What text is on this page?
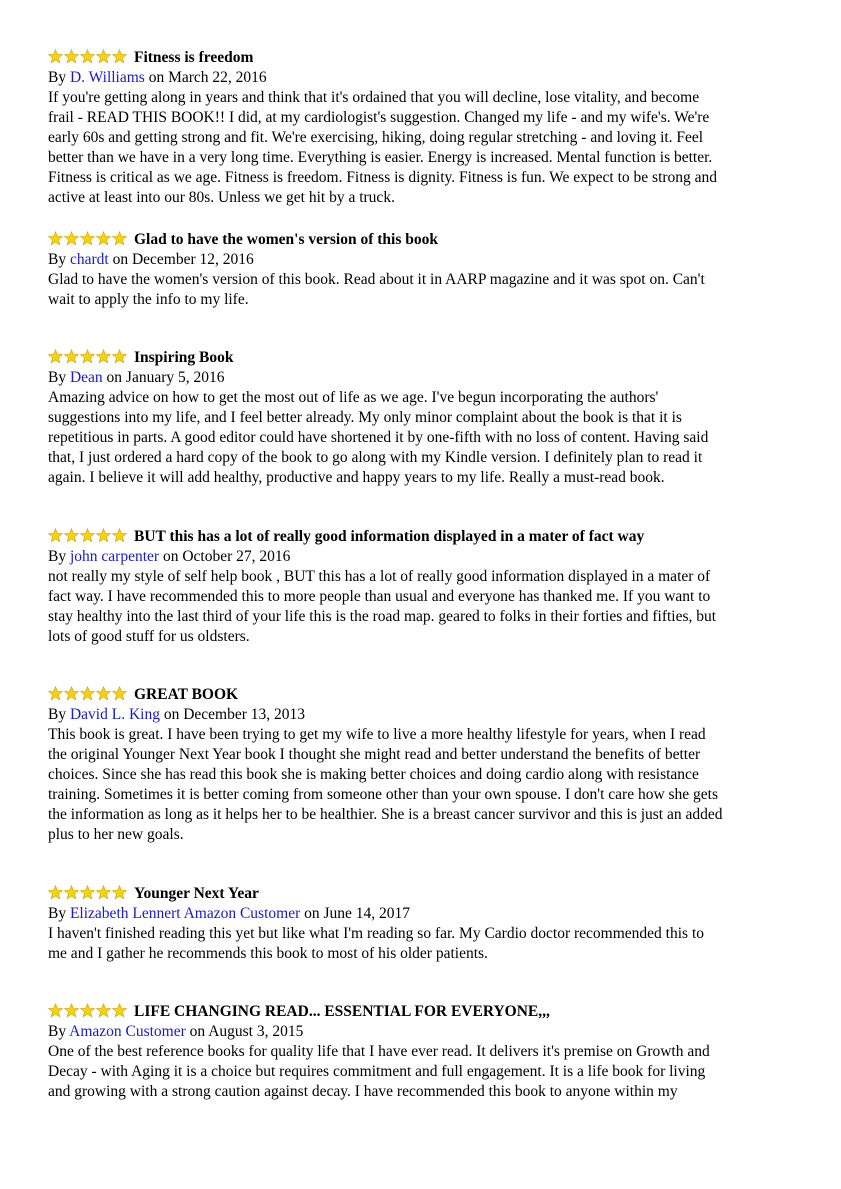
Fitness is freedom
By D. Williams on March 22, 2016
If you're getting along in years and think that it's ordained that you will decline, lose vitality, and become
frail - READ THIS BOOK!! I did, at my cardiologist's suggestion. Changed my life - and my wife's. We're
early 60s and getting strong and fit. We're exercising, hiking, doing regular stretching - and loving it. Feel
better than we have in a very long time. Everything is easier. Energy is increased. Mental function is better.
Fitness is critical as we age. Fitness is freedom. Fitness is dignity. Fitness is fun. We expect to be strong and
active at least into our 80s. Unless we get hit by a truck.
Glad to have the women's version of this book
By chardt on December 12, 2016
Glad to have the women's version of this book. Read about it in AARP magazine and it was spot on. Can't
wait to apply the info to my life.
Inspiring Book
By Dean on January 5, 2016
Amazing advice on how to get the most out of life as we age. I've begun incorporating the authors'
suggestions into my life, and I feel better already. My only minor complaint about the book is that it is
repetitious in parts. A good editor could have shortened it by one-fifth with no loss of content. Having said
that, I just ordered a hard copy of the book to go along with my Kindle version. I definitely plan to read it
again. I believe it will add healthy, productive and happy years to my life. Really a must-read book.
BUT this has a lot of really good information displayed in a mater of fact way
By john carpenter on October 27, 2016
not really my style of self help book , BUT this has a lot of really good information displayed in a mater of
fact way. I have recommended this to more people than usual and everyone has thanked me. If you want to
stay healthy into the last third of your life this is the road map. geared to folks in their forties and fifties, but
lots of good stuff for us oldsters.
GREAT BOOK
By David L. King on December 13, 2013
This book is great. I have been trying to get my wife to live a more healthy lifestyle for years, when I read
the original Younger Next Year book I thought she might read and better understand the benefits of better
choices. Since she has read this book she is making better choices and doing cardio along with resistance
training. Sometimes it is better coming from someone other than your own spouse. I don't care how she gets
the information as long as it helps her to be healthier. She is a breast cancer survivor and this is just an added
plus to her new goals.
Younger Next Year
By Elizabeth Lennert Amazon Customer on June 14, 2017
I haven't finished reading this yet but like what I'm reading so far. My Cardio doctor recommended this to
me and I gather he recommends this book to most of his older patients.
LIFE CHANGING READ... ESSENTIAL FOR EVERYONE,,,
By Amazon Customer on August 3, 2015
One of the best reference books for quality life that I have ever read. It delivers it's premise on Growth and
Decay - with Aging it is a choice but requires commitment and full engagement. It is a life book for living
and growing with a strong caution against decay. I have recommended this book to anyone within my
